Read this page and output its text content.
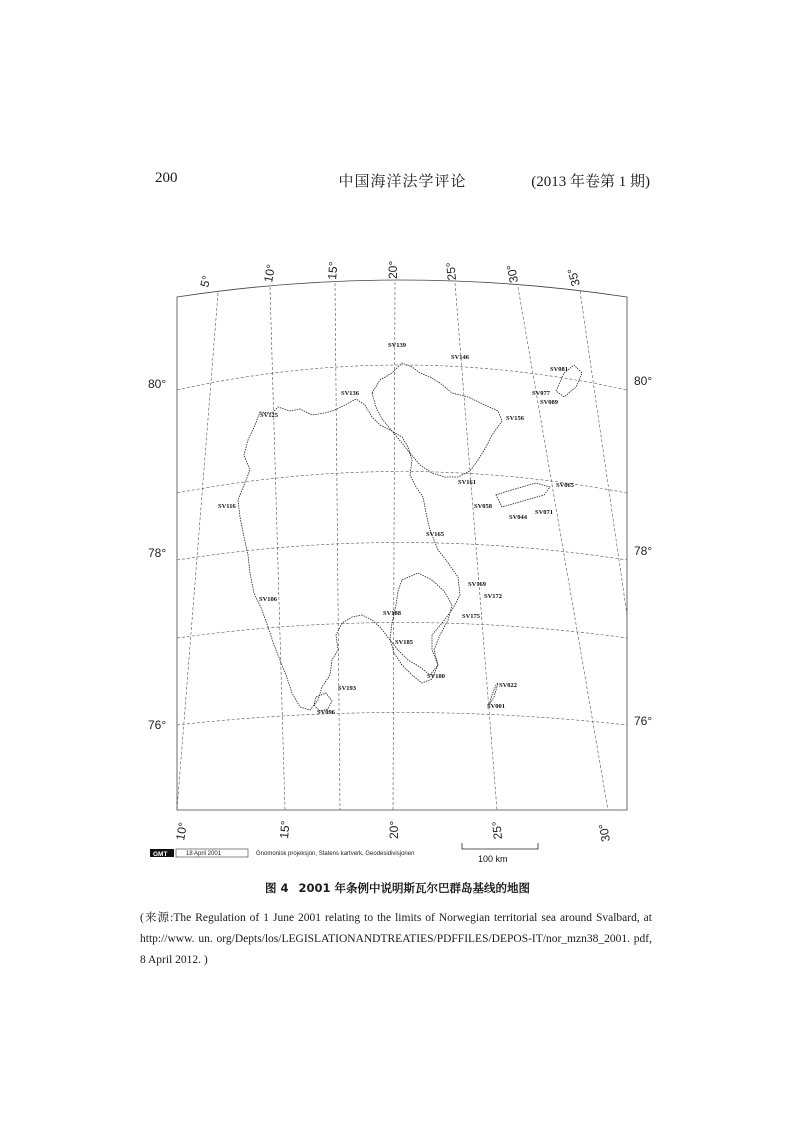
200	中国海洋法学评论	(2013 年卷第 1 期)
5°	10°	15°	20°	25°	30°	35°
10°	15°	20°	25°	30°
80°
78°
76°
80°
78°
76°
SV139
SV146
SV081
SV136	SV077
SV089
SV125	SV156
SV161	SV065
SV116	SV058
SV071
SV044
SV165
SV169
SV172
SV106
SV188	SV175
SV185
SV180
SV193	SV022
SV001
SV096
GMT	18 April 2001	Gnomonisk projeksjon, Statens kartverk, Geodesidivisjonen	100 km
图 4 2001 年条例中说明斯瓦尔巴群岛基线的地图
(来源:The Regulation of 1 June 2001 relating to the limits of Norwegian territorial sea around Svalbard, at http://www. un. org/Depts/los/LEGISLATIONANDTREATIES/PDFFILES/DEPOS-IT/nor_mzn38_2001. pdf, 8 April 2012. )
